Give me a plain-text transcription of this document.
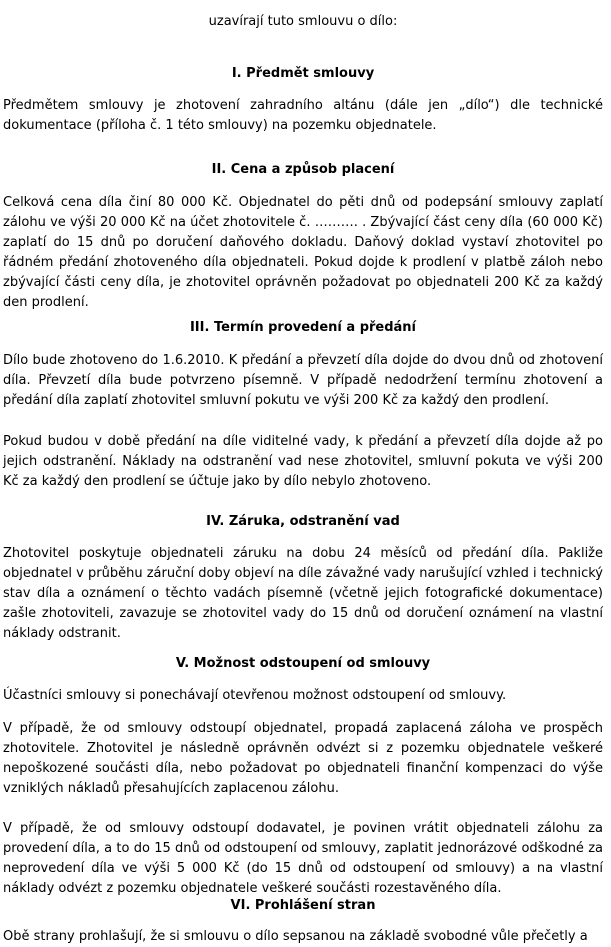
uzavírají tuto smlouvu o dílo:
I. Předmět smlouvy

Předmětem smlouvy je zhotovení zahradního altánu (dále jen „dílo“) dle technické dokumentace (příloha č. 1 této smlouvy) na pozemku objednatele.

II. Cena a způsob placení

Celková cena díla činí 80 000 Kč. Objednatel do pěti dnů od podepsání smlouvy zaplatí zálohu ve výši 20 000 Kč na účet zhotovitele č. ………. . Zbývající část ceny díla (60 000 Kč) zaplatí do 15 dnů po doručení daňového dokladu. Daňový doklad vystaví zhotovitel po řádném předání zhotoveného díla objednateli. Pokud dojde k prodlení v platbě záloh nebo zbývající části ceny díla, je zhotovitel oprávněn požadovat po objednateli 200 Kč za každý den prodlení.

III. Termín provedení a předání

Dílo bude zhotoveno do 1.6.2010. K předání a převzetí díla dojde do dvou dnů od zhotovení díla. Převzetí díla bude potvrzeno písemně. V případě nedodržení termínu zhotovení a předání díla zaplatí zhotovitel smluvní pokutu ve výši 200 Kč za každý den prodlení.

Pokud budou v době předání na díle viditelné vady, k předání a převzetí díla dojde až po jejich odstranění. Náklady na odstranění vad nese zhotovitel, smluvní pokuta ve výši 200 Kč za každý den prodlení se účtuje jako by dílo nebylo zhotoveno.

IV. Záruka, odstranění vad

Zhotovitel poskytuje objednateli záruku na dobu 24 měsíců od předání díla. Pakliže objednatel v průběhu záruční doby objeví na díle závažné vady narušující vzhled i technický stav díla a oznámení o těchto vadách písemně (včetně jejich fotografické dokumentace) zašle zhotoviteli, zavazuje se zhotovitel vady do 15 dnů od doručení oznámení na vlastní náklady odstranit.

V. Možnost odstoupení od smlouvy

Účastníci smlouvy si ponechávají otevřenou možnost odstoupení od smlouvy.

V případě, že od smlouvy odstoupí objednatel, propadá zaplacená záloha ve prospěch zhotovitele. Zhotovitel je následně oprávněn odvézt si z pozemku objednatele veškeré nepoškozené součásti díla, nebo požadovat po objednateli finanční kompenzaci do výše vzniklých nákladů přesahujících zaplacenou zálohu.

V případě, že od smlouvy odstoupí dodavatel, je povinen vrátit objednateli zálohu za provedení díla, a to do 15 dnů od odstoupení od smlouvy, zaplatit jednorázové odškodné za neprovedení díla ve výši 5 000 Kč (do 15 dnů od odstoupení od smlouvy) a na vlastní náklady odvézt z pozemku objednatele veškeré součásti rozestavěného díla.

VI. Prohlášení stran

Obě strany prohlašují, že si smlouvu o dílo sepsanou na základě svobodné vůle přečetly a
